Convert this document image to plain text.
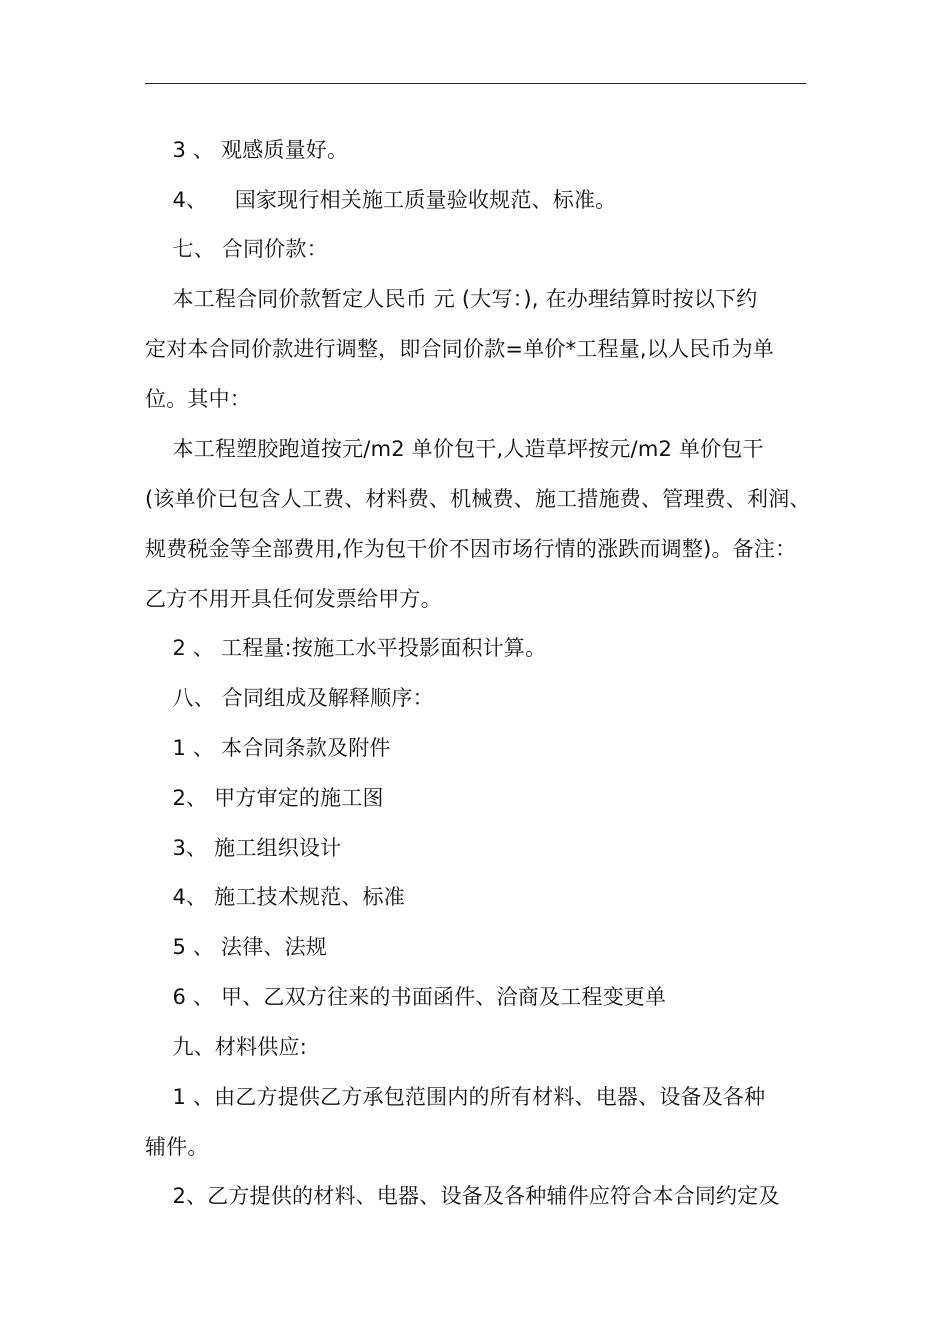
3 、 观感质量好。
4、    国家现行相关施工质量验收规范、标准。
七、 合同价款：
本工程合同价款暂定人民币 元 (大写：), 在办理结算时按以下约
定对本合同价款进行调整，即合同价款=单价*工程量,以人民币为单
位。其中：
本工程塑胶跑道按元/m2 单价包干,人造草坪按元/m2 单价包干
(该单价已包含人工费、材料费、机械费、施工措施费、管理费、利润、
规费税金等全部费用,作为包干价不因市场行情的涨跌而调整)。备注：
乙方不用开具任何发票给甲方。
2 、 工程量:按施工水平投影面积计算。
八、 合同组成及解释顺序：
1 、 本合同条款及附件
2、 甲方审定的施工图
3、 施工组织设计
4、 施工技术规范、标准
5 、 法律、法规
6 、 甲、乙双方往来的书面函件、洽商及工程变更单
九、材料供应:
1 、由乙方提供乙方承包范围内的所有材料、电器、设备及各种
辅件。
2、乙方提供的材料、电器、设备及各种辅件应符合本合同约定及
